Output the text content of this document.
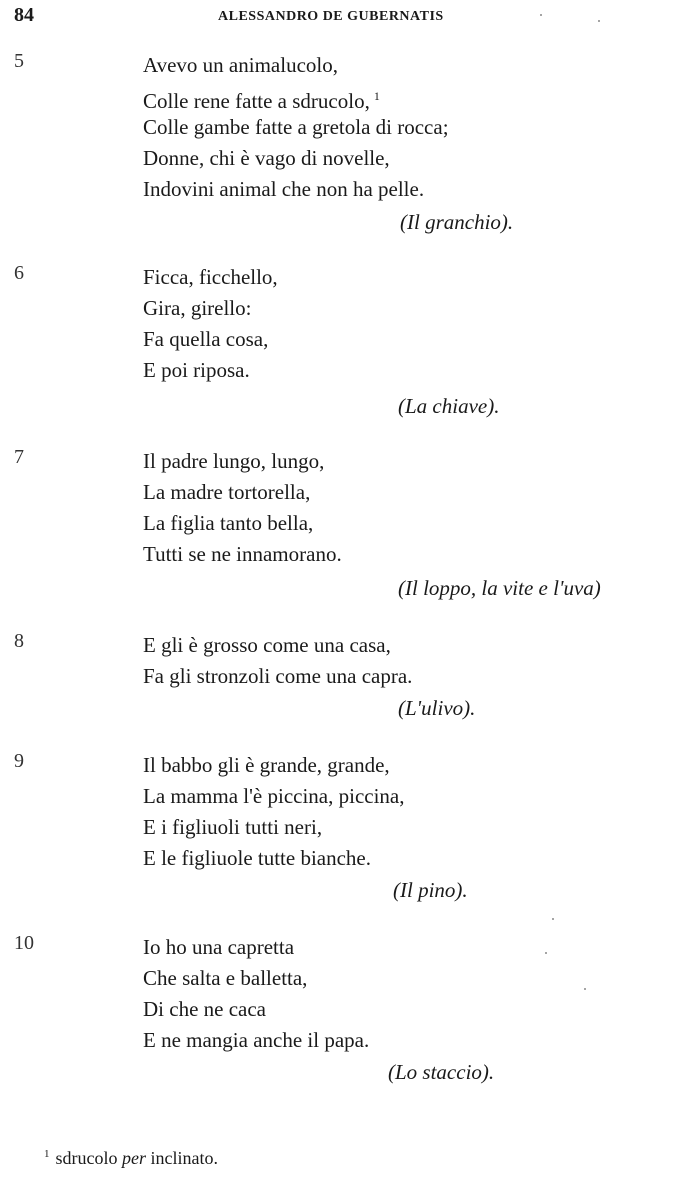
84	ALESSANDRO DE GUBERNATIS
5	Avevo un animalucolo,
Colle rene fatte a sdrucolo, $^1$
Colle gambe fatte a gretola di rocca;
Donne, chi è vago di novelle,
Indovini animal che non ha pelle.
(Il granchio).
6	Ficca, ficchello,
Gira, girello:
Fa quella cosa,
E poi riposa.
(La chiave).
7	Il padre lungo, lungo,
La madre tortorella,
La figlia tanto bella,
Tutti se ne innamorano.
(Il loppo, la vite e l'uva)
8	E gli è grosso come una casa,
Fa gli stronzoli come una capra.
(L'ulivo).
9	Il babbo gli è grande, grande,
La mamma l'è piccina, piccina,
E i figliuoli tutti neri,
E le figliuole tutte bianche.
(Il pino).
10	Io ho una capretta
Che salta e balletta,
Di che ne caca
E ne mangia anche il papa.
(Lo staccio).
$^1$ sdrucolo per inclinato.
